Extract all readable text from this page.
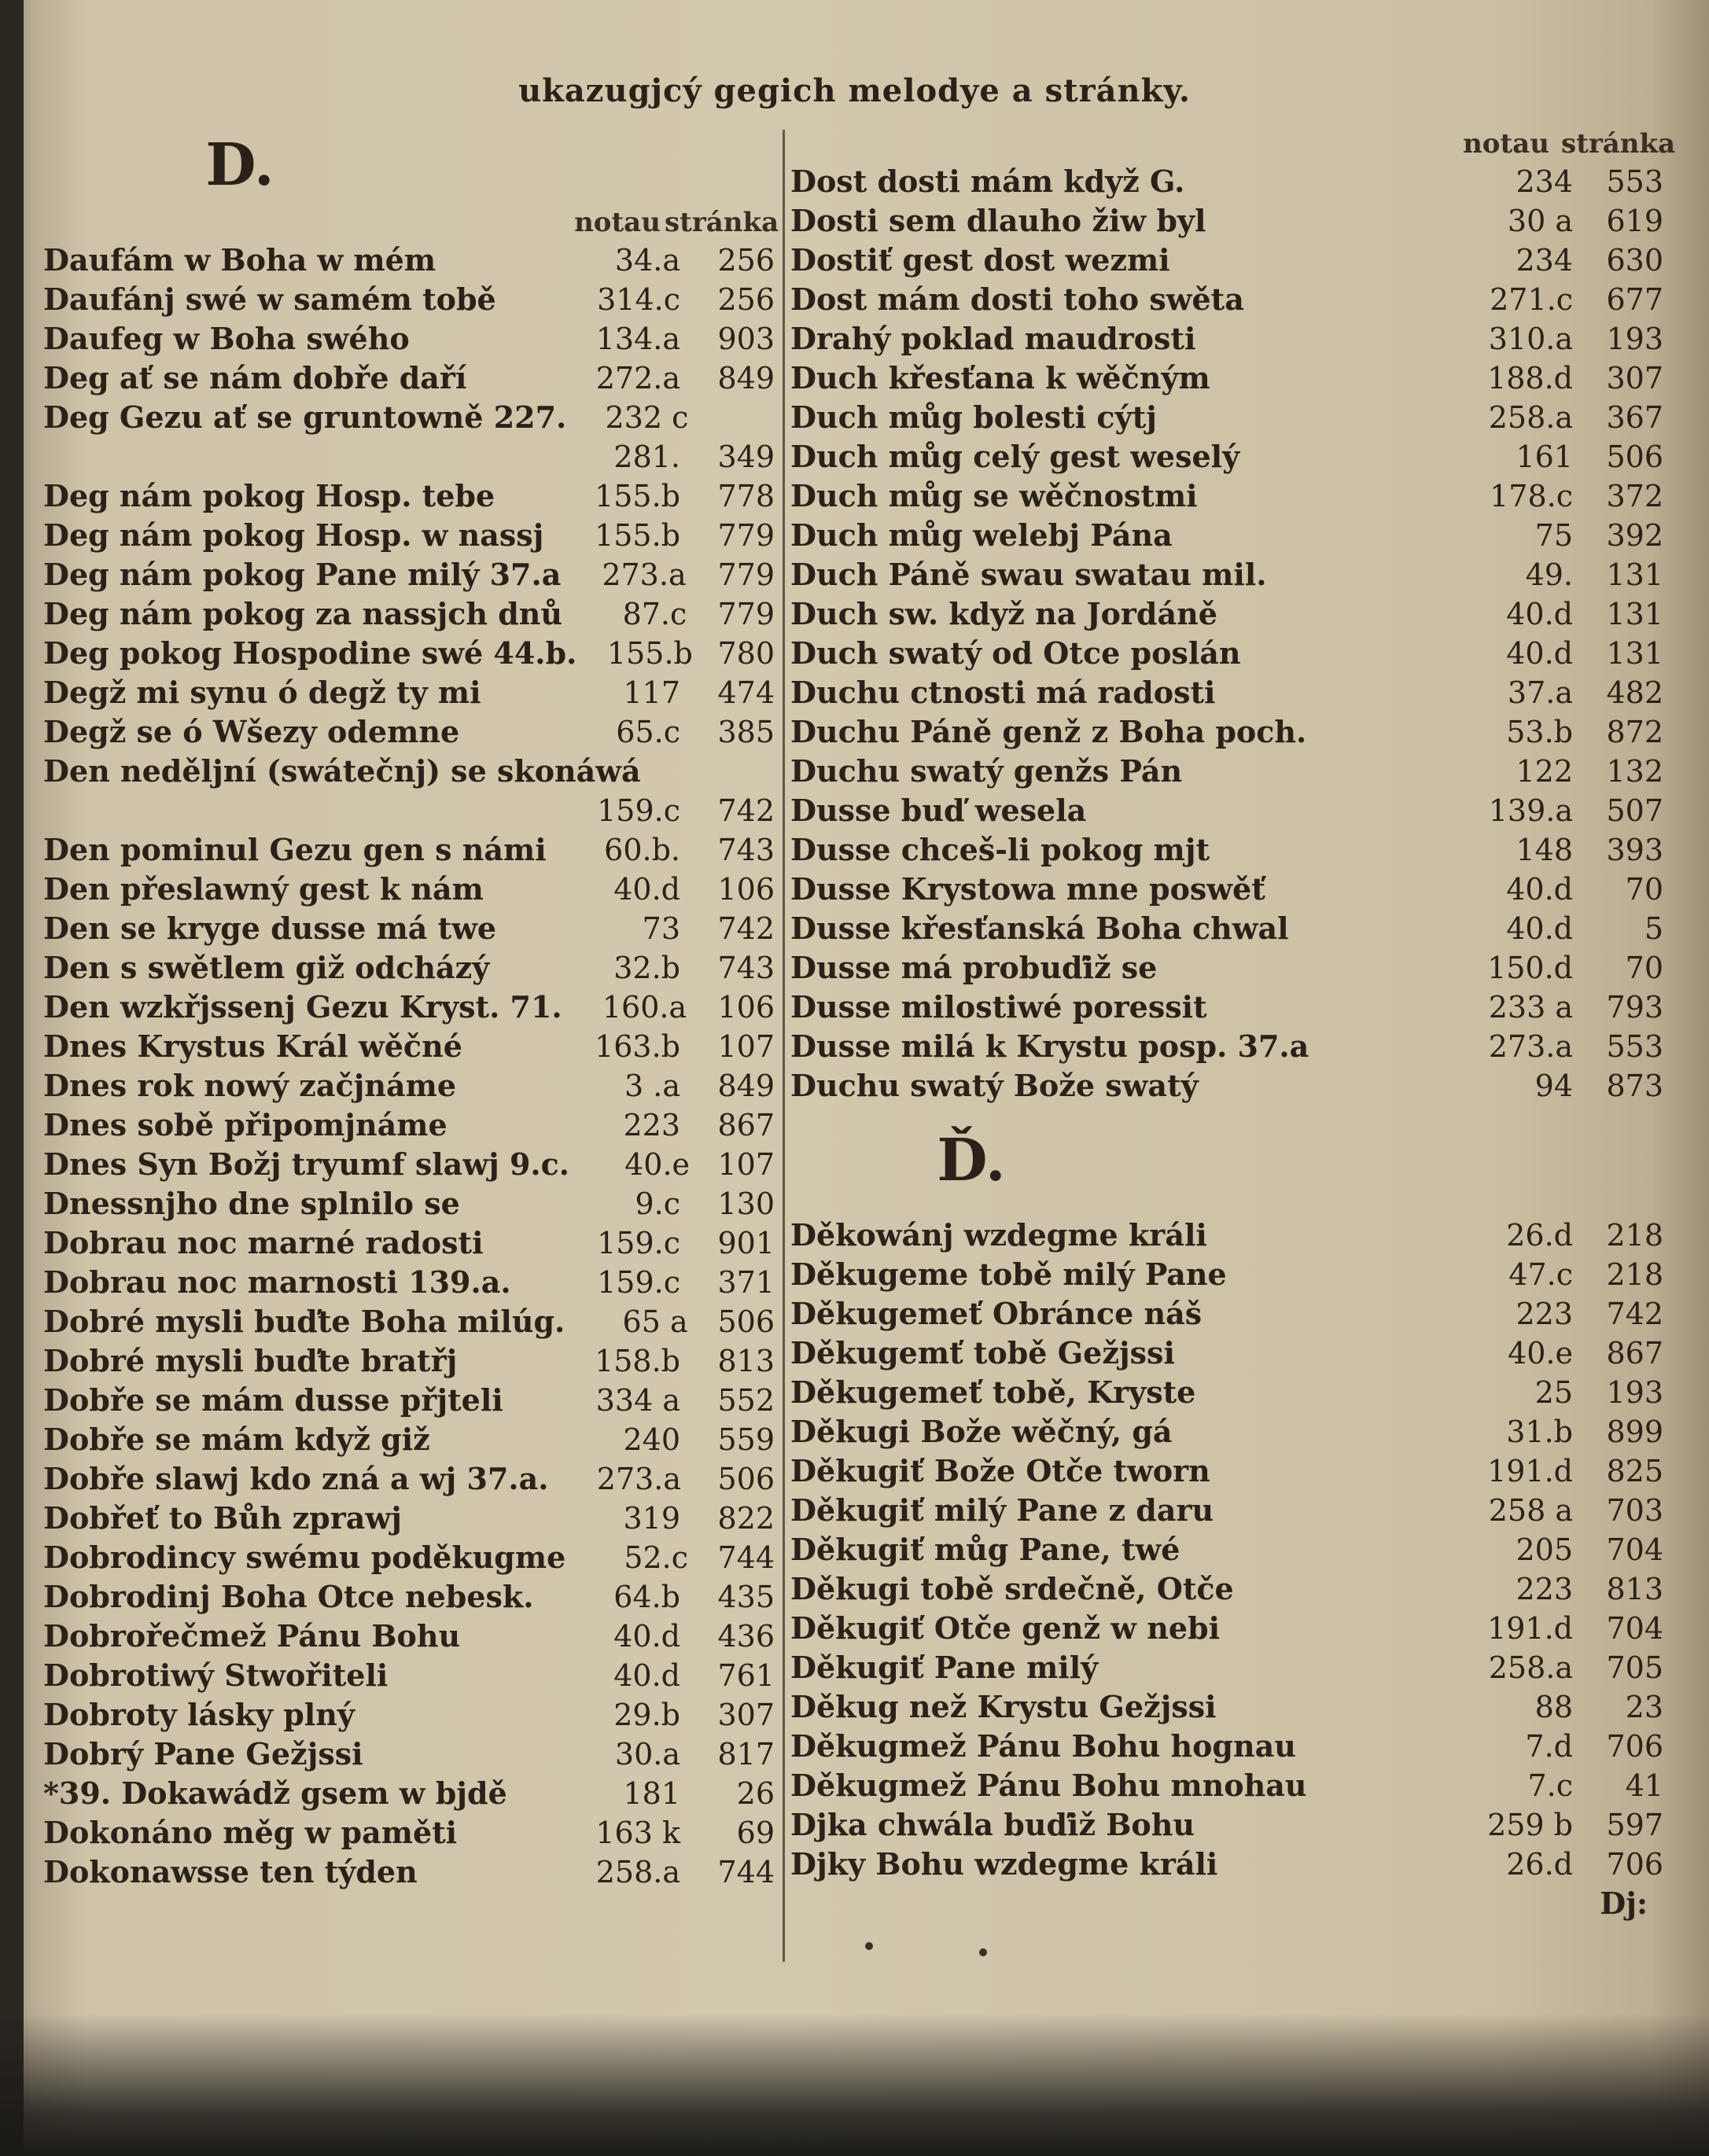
ukazugjcý gegich melodye a stránky.
D.
notau stránka
Daufám w Boha w mém	34.a	256
Daufánj swé w samém tobě	314.c	256
Daufeg w Boha swého	134.a	903
Deg ať se nám dobře daří	272.a	849
Deg Gezu ať se gruntowně 227.	232 c
281.	349
Deg nám pokog Hosp. tebe	155.b	778
Deg nám pokog Hosp. w nassj	155.b	779
Deg nám pokog Pane milý 37.a	273.a	779
Deg nám pokog za nassjch dnů	87.c	779
Deg pokog Hospodine swé 44.b.	155.b 780
Degž mi synu ó degž ty mi	117	474
Degž se ó Wšezy odemne	65.c	385
Den neděljní (swátečnj) se skonáwá
159.c	742
Den pominul Gezu gen s námi	60.b.	743
Den přeslawný gest k nám	40.d	106
Den se kryge dusse má twe	73	742
Den s swětlem giž odcházý	32.b	743
Den wzkřjssenj Gezu Kryst. 71.	160.a	106
Dnes Krystus Král wěčné	163.b	107
Dnes rok nowý začjnáme	3 .a	849
Dnes sobě připomjnáme	223	867
Dnes Syn Božj tryumf slawj 9.c.	40.e 107
Dnessnjho dne splnilo se	9.c	130
Dobrau noc marné radosti	159.c	901
Dobrau noc marnosti 139.a.	159.c	371
Dobré mysli buďte Boha milúg.	65 a 506
Dobré mysli buďte bratřj	158.b	813
Dobře se mám dusse přjteli	334 a	552
Dobře se mám když giž	240	559
Dobře slawj kdo zná a wj 37.a.	273.a	506
Dobřeť to Bůh zprawj	319	822
Dobrodincy swému poděkugme	52.c 744
Dobrodinj Boha Otce nebesk.	64.b	435
Dobrořečmež Pánu Bohu	40.d	436
Dobrotiwý Stwořiteli	40.d	761
Dobroty lásky plný	29.b	307
Dobrý Pane Gežjssi	30.a	817
*39. Dokawádž gsem w bjdě	181	26
Dokonáno měg w paměti	163 k	69
Dokonawsse ten týden	258.a	744
notau stránka
Dost dosti mám když G.	234	553
Dosti sem dlauho žiw byl	30 a	619
Dostiť gest dost wezmi	234	630
Dost mám dosti toho swěta	271.c	677
Drahý poklad maudrosti	310.a	193
Duch křesťana k wěčným	188.d	307
Duch můg bolesti cýtj	258.a	367
Duch můg celý gest weselý	161	506
Duch můg se wěčnostmi	178.c	372
Duch můg welebj Pána	75	392
Duch Páně swau swatau mil.	49.	131
Duch sw. když na Jordáně	40.d	131
Duch swatý od Otce poslán	40.d	131
Duchu ctnosti má radosti	37.a	482
Duchu Páně genž z Boha poch.	53.b	872
Duchu swatý genžs Pán	122	132
Dusse buď wesela	139.a	507
Dusse chceš-li pokog mjt	148	393
Dusse Krystowa mne poswěť	40.d	70
Dusse křesťanská Boha chwal	40.d	5
Dusse má probuďiž se	150.d	70
Dusse milostiwé poressit	233 a	793
Dusse milá k Krystu posp. 37.a	273.a	553
Duchu swatý Bože swatý	94	873
Ď.
Děkowánj wzdegme králi	26.d	218
Děkugeme tobě milý Pane	47.c	218
Děkugemeť Obránce náš	223	742
Děkugemť tobě Gežjssi	40.e	867
Děkugemeť tobě, Kryste	25	193
Děkugi Bože wěčný, gá	31.b	899
Děkugiť Bože Otče tworn	191.d	825
Děkugiť milý Pane z daru	258 a	703
Děkugiť můg Pane, twé	205	704
Děkugi tobě srdečně, Otče	223	813
Děkugiť Otče genž w nebi	191.d	704
Děkugiť Pane milý	258.a	705
Děkug než Krystu Gežjssi	88	23
Děkugmež Pánu Bohu hognau	7.d	706
Děkugmež Pánu Bohu mnohau	7.c	41
Djka chwála buďiž Bohu	259 b	597
Djky Bohu wzdegme králi	26.d	706
Dj:
